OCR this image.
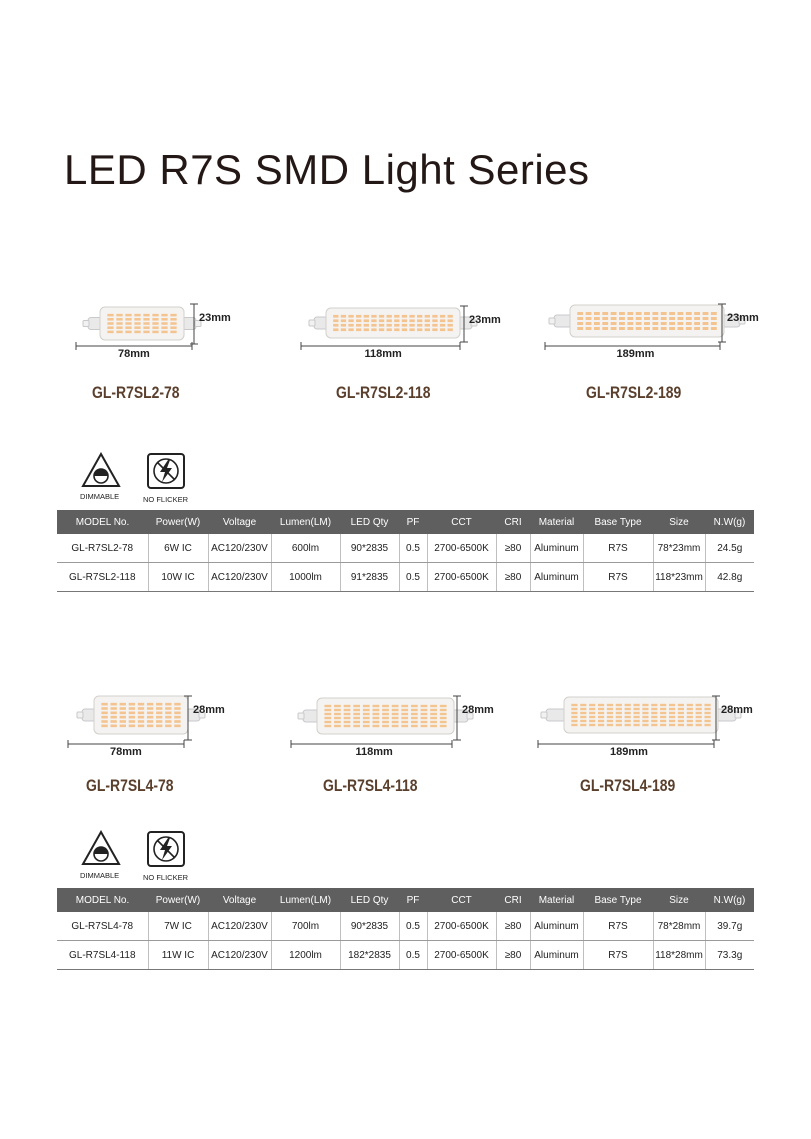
LED R7S SMD Light Series
78mm
23mm
118mm
23mm
189mm
23mm
GL-R7SL2-78	GL-R7SL2-118	GL-R7SL2-189
DIMMABLE	NO FLICKER
MODEL No.	Power(W)	Voltage	Lumen(LM)	LED Qty	PF	CCT	CRI	Material	Base Type	Size	N.W(g)
GL-R7SL2-78	6W IC	AC120/230V	600lm	90*2835	0.5	2700-6500K	≥80	Aluminum	R7S	78*23mm	24.5g
GL-R7SL2-118	10W IC	AC120/230V	1000lm	91*2835	0.5	2700-6500K	≥80	Aluminum	R7S	118*23mm	42.8g
78mm
28mm
118mm
28mm
189mm
28mm
GL-R7SL4-78	GL-R7SL4-118	GL-R7SL4-189
DIMMABLE	NO FLICKER
MODEL No.	Power(W)	Voltage	Lumen(LM)	LED Qty	PF	CCT	CRI	Material	Base Type	Size	N.W(g)
GL-R7SL4-78	7W IC	AC120/230V	700lm	90*2835	0.5	2700-6500K	≥80	Aluminum	R7S	78*28mm	39.7g
GL-R7SL4-118	11W IC	AC120/230V	1200lm	182*2835	0.5	2700-6500K	≥80	Aluminum	R7S	118*28mm	73.3g
